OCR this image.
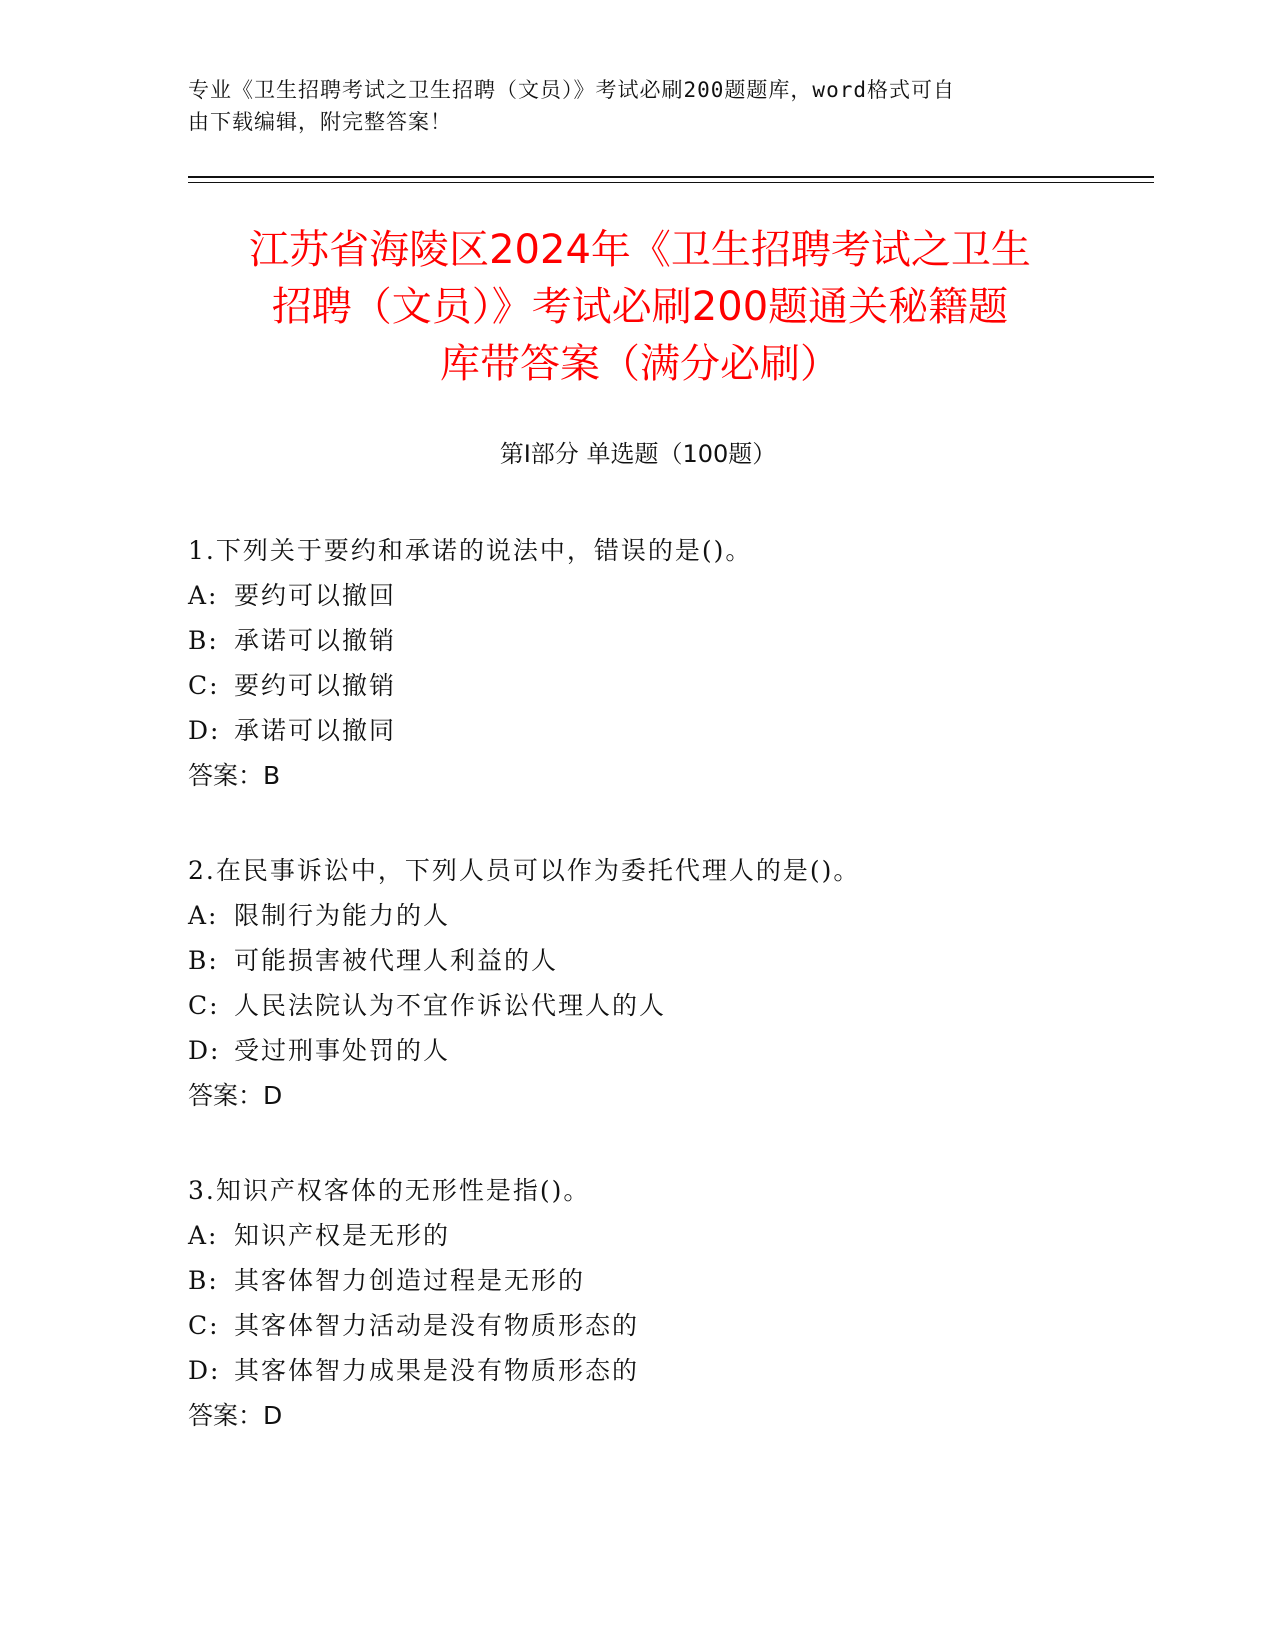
专业《卫生招聘考试之卫生招聘（文员）》考试必刷200题题库，word格式可自
由下载编辑，附完整答案！
江苏省海陵区2024年《卫生招聘考试之卫生
招聘（文员）》考试必刷200题通关秘籍题
库带答案（满分必刷）
第Ⅰ部分 单选题（100题）
1.下列关于要约和承诺的说法中，错误的是()。
A: 要约可以撤回
B: 承诺可以撤销
C: 要约可以撤销
D: 承诺可以撤同
答案：B
2.在民事诉讼中，下列人员可以作为委托代理人的是()。
A: 限制行为能力的人
B: 可能损害被代理人利益的人
C: 人民法院认为不宜作诉讼代理人的人
D: 受过刑事处罚的人
答案：D
3.知识产权客体的无形性是指()。
A: 知识产权是无形的
B: 其客体智力创造过程是无形的
C: 其客体智力活动是没有物质形态的
D: 其客体智力成果是没有物质形态的
答案：D
